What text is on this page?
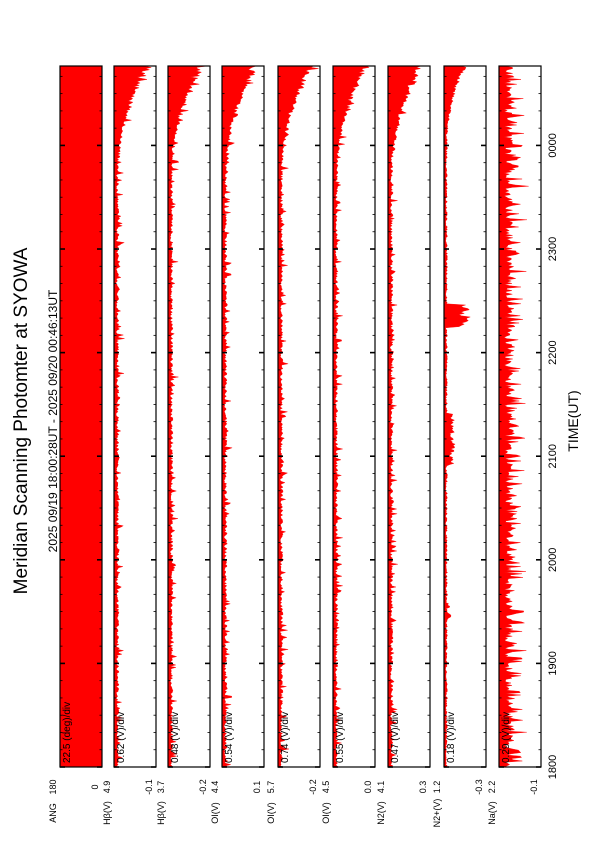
Meridian Scanning Photomter at SYOWA 2025 09/19 18:00:28UT - 2025 09/20 00:46:13UT	TIME(UT)
22.5 (deg)/div
180
ANG
0
0.62 (V)/div
4.9
Hβ(V)
-0.1
0.48 (V)/div
3.7
Hβ(V)
-0.2
0.54 (V)/div
4.4
OI(V)
0.1
0.74 (V)/div
5.7
OI(V)
-0.2
0.55 (V)/div
4.5
OI(V)
0.0
0.47 (V)/div
4.1
N2(V)
0.3
0.18 (V)/div
1.2
N2+(V)
-0.3
0.29 (V)/div
2.2
Na(V)
-0.1
1800
1900
2000
2100
2200
2300
0000
